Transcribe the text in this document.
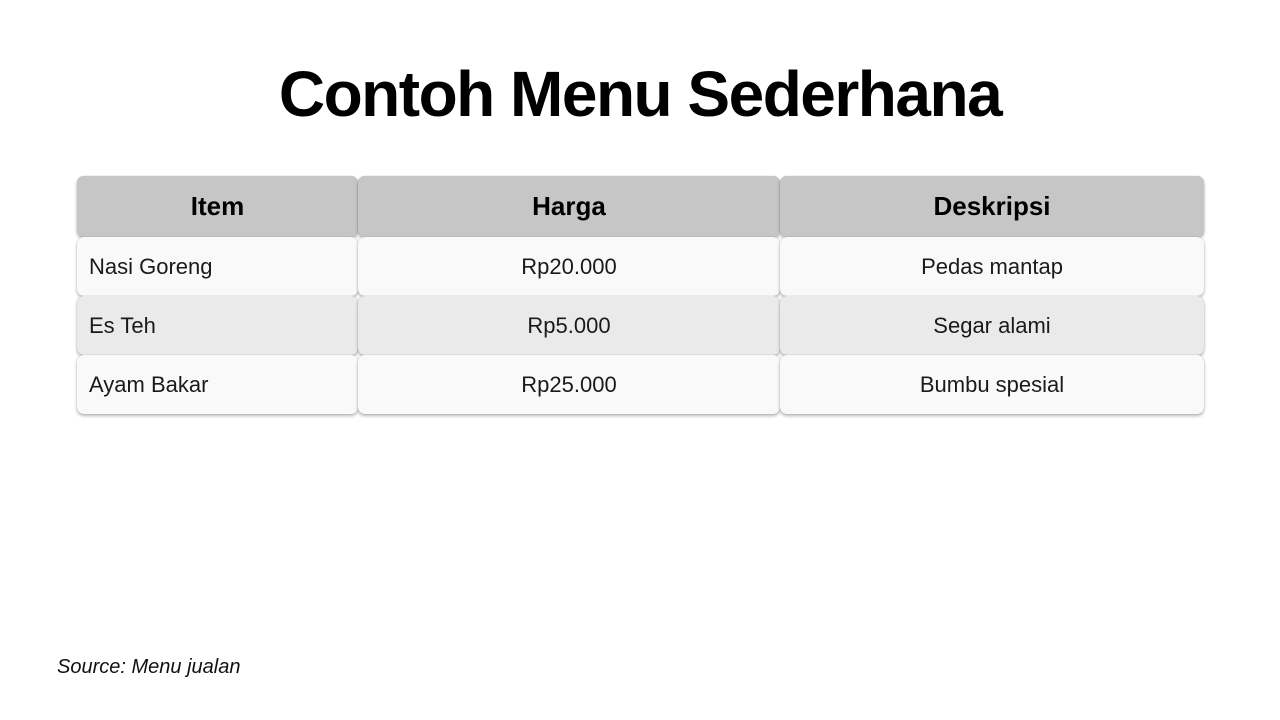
Contoh Menu Sederhana
Item	Harga	Deskripsi
Nasi Goreng	Rp20.000	Pedas mantap
Es Teh	Rp5.000	Segar alami
Ayam Bakar	Rp25.000	Bumbu spesial
Source: Menu jualan
